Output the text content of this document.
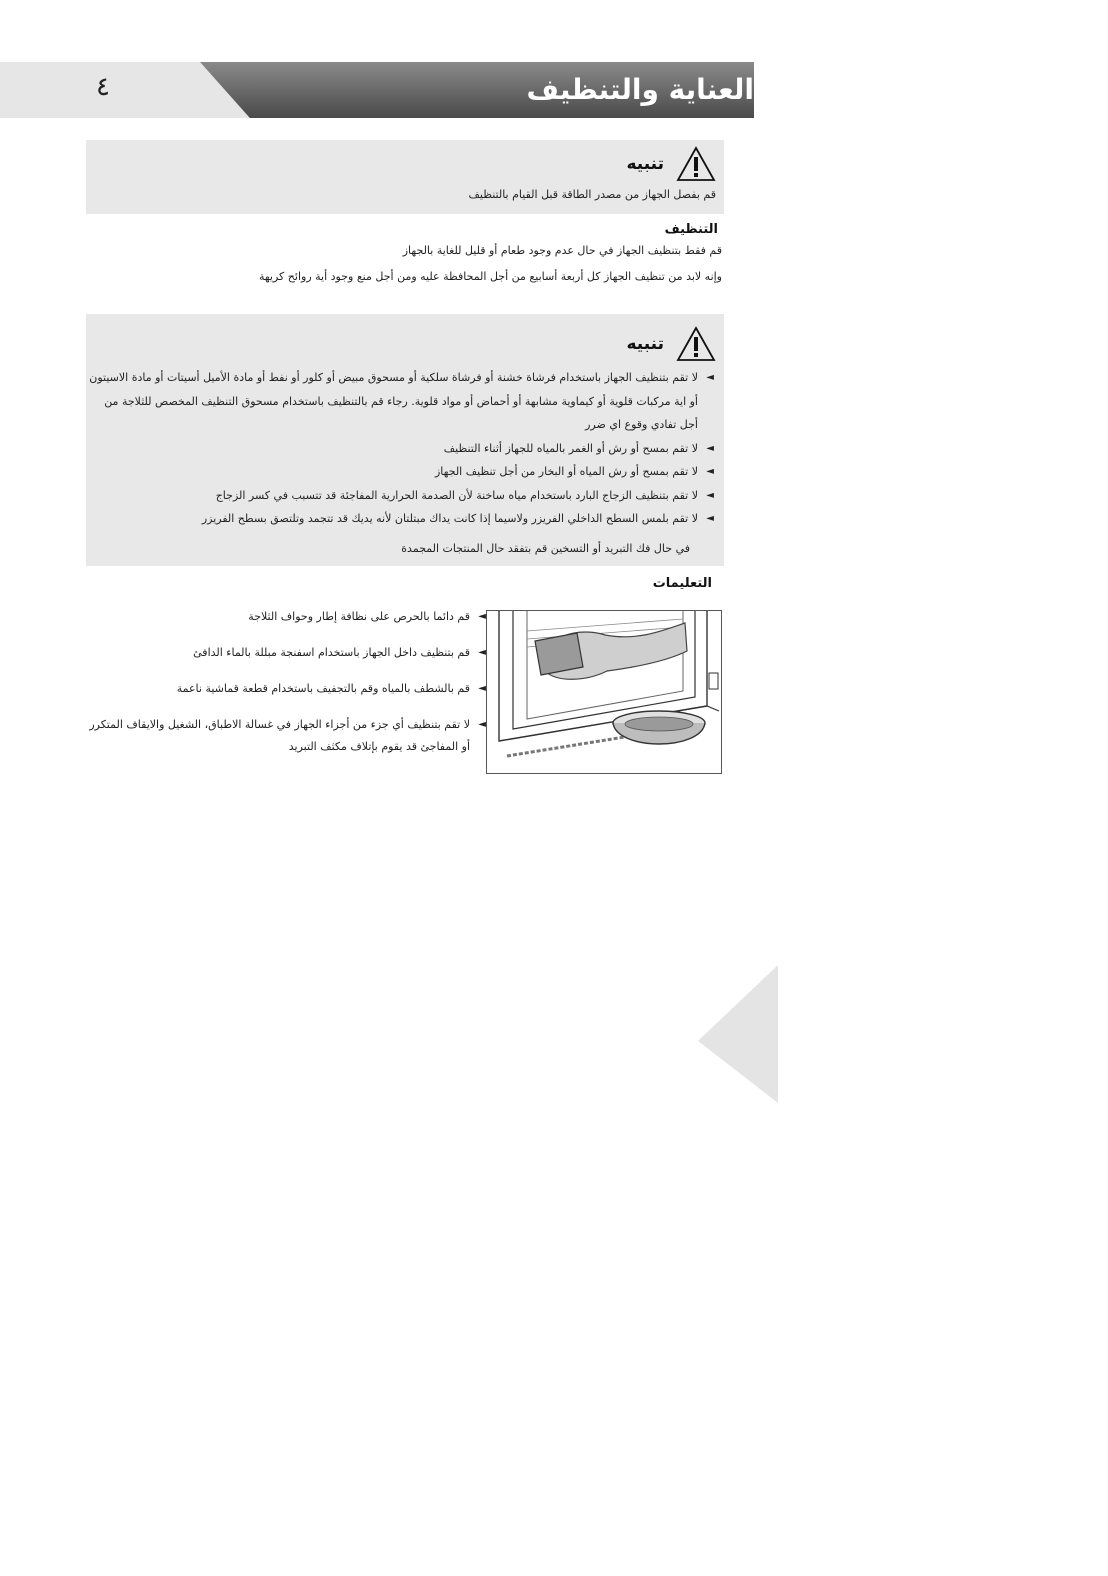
العناية والتنظيف
٤
تنبيه
قم بفصل الجهاز من مصدر الطاقة قبل القيام بالتنظيف
التنظيف
قم فقط بتنظيف الجهاز في حال عدم وجود طعام أو قليل للغاية بالجهاز
وإنه لابد من تنظيف الجهاز كل أربعة أسابيع من أجل المحافظة عليه ومن أجل منع وجود أية روائح كريهة
تنبيه
◄
لا تقم بتنظيف الجهاز باستخدام فرشاة خشنة أو فرشاة سلكية أو مسحوق مبيض أو كلور أو نفط أو مادة الأميل أسيتات أو مادة الاسيتون أو اية مركبات قلوية أو كيماوية مشابهة أو أحماض أو مواد قلوية. رجاء قم بالتنظيف باستخدام مسحوق التنظيف المخصص للثلاجة من أجل تفادي وقوع اي ضرر
◄
لا تقم بمسح أو رش أو الغمر بالمياه للجهاز أثناء التنظيف
◄
لا تقم بمسح أو رش المياه أو البخار من أجل تنظيف الجهاز
◄
لا تقم بتنظيف الزجاج البارد باستخدام مياه ساخنة لأن الصدمة الحرارية المفاجئة قد تتسبب في كسر الزجاج
◄
لا تقم بلمس السطح الداخلي الفريزر ولاسيما إذا كانت يداك مبتلتان لأنه يديك قد تتجمد وتلتصق بسطح الفريزر
في حال فك التبريد أو التسخين قم بتفقد حال المنتجات المجمدة
التعليمات
◄
قم دائما بالحرص على نظافة إطار وحواف الثلاجة
◄
قم بتنظيف داخل الجهاز باستخدام اسفنجة مبللة بالماء الدافئ
◄
قم بالشطف بالمياه وقم بالتجفيف باستخدام قطعة قماشية ناعمة
◄
لا تقم بتنظيف أي جزء من أجزاء الجهاز في غسالة الاطباق، الشغيل والايقاف المتكرر أو المفاجئ قد يقوم بإتلاف مكثف التبريد
